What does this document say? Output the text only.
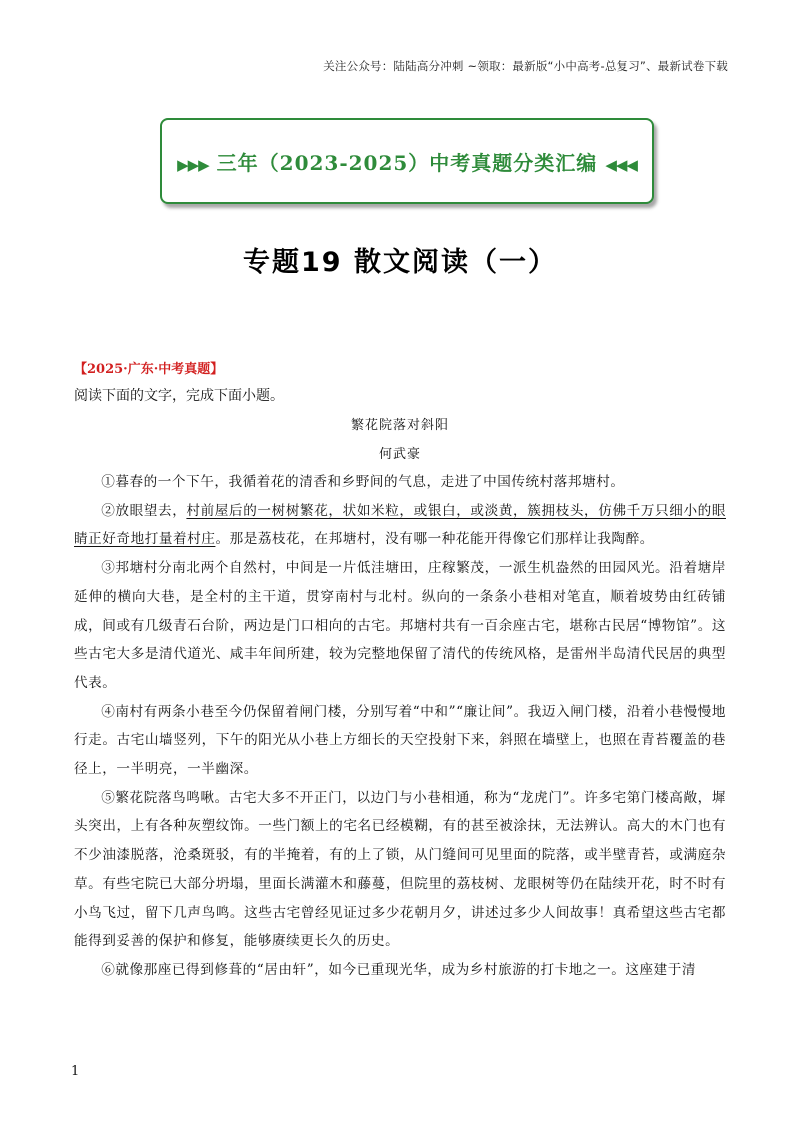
关注公众号：陆陆高分冲刺 ~领取：最新版“小中高考-总复习”、最新试卷下载
▶▶▶ 三年（2023-2025）中考真题分类汇编 ◀◀◀
专题19 散文阅读（一）
【2025·广东·中考真题】
阅读下面的文字，完成下面小题。
繁花院落对斜阳
何武豪

①暮春的一个下午，我循着花的清香和乡野间的气息，走进了中国传统村落邦塘村。

②放眼望去，村前屋后的一树树繁花，状如米粒，或银白，或淡黄，簇拥枝头，仿佛千万只细小的眼睛正好奇地打量着村庄。那是荔枝花，在邦塘村，没有哪一种花能开得像它们那样让我陶醉。

③邦塘村分南北两个自然村，中间是一片低洼塘田，庄稼繁茂，一派生机盎然的田园风光。沿着塘岸延伸的横向大巷，是全村的主干道，贯穿南村与北村。纵向的一条条小巷相对笔直，顺着坡势由红砖铺成，间或有几级青石台阶，两边是门口相向的古宅。邦塘村共有一百余座古宅，堪称古民居“博物馆”。这些古宅大多是清代道光、咸丰年间所建，较为完整地保留了清代的传统风格，是雷州半岛清代民居的典型代表。

④南村有两条小巷至今仍保留着闸门楼，分别写着“中和”“廉让间”。我迈入闸门楼，沿着小巷慢慢地行走。古宅山墙竖列，下午的阳光从小巷上方细长的天空投射下来，斜照在墙壁上，也照在青苔覆盖的巷径上，一半明亮，一半幽深。

⑤繁花院落鸟鸣啾。古宅大多不开正门，以边门与小巷相通，称为“龙虎门”。许多宅第门楼高敞，墀头突出，上有各种灰塑纹饰。一些门额上的宅名已经模糊，有的甚至被涂抹，无法辨认。高大的木门也有不少油漆脱落，沧桑斑驳，有的半掩着，有的上了锁，从门缝间可见里面的院落，或半壁青苔，或满庭杂草。有些宅院已大部分坍塌，里面长满灌木和藤蔓，但院里的荔枝树、龙眼树等仍在陆续开花，时不时有小鸟飞过，留下几声鸟鸣。这些古宅曾经见证过多少花朝月夕，讲述过多少人间故事！真希望这些古宅都能得到妥善的保护和修复，能够赓续更长久的历史。

⑥就像那座已得到修葺的“居由轩”，如今已重现光华，成为乡村旅游的打卡地之一。这座建于清

1
